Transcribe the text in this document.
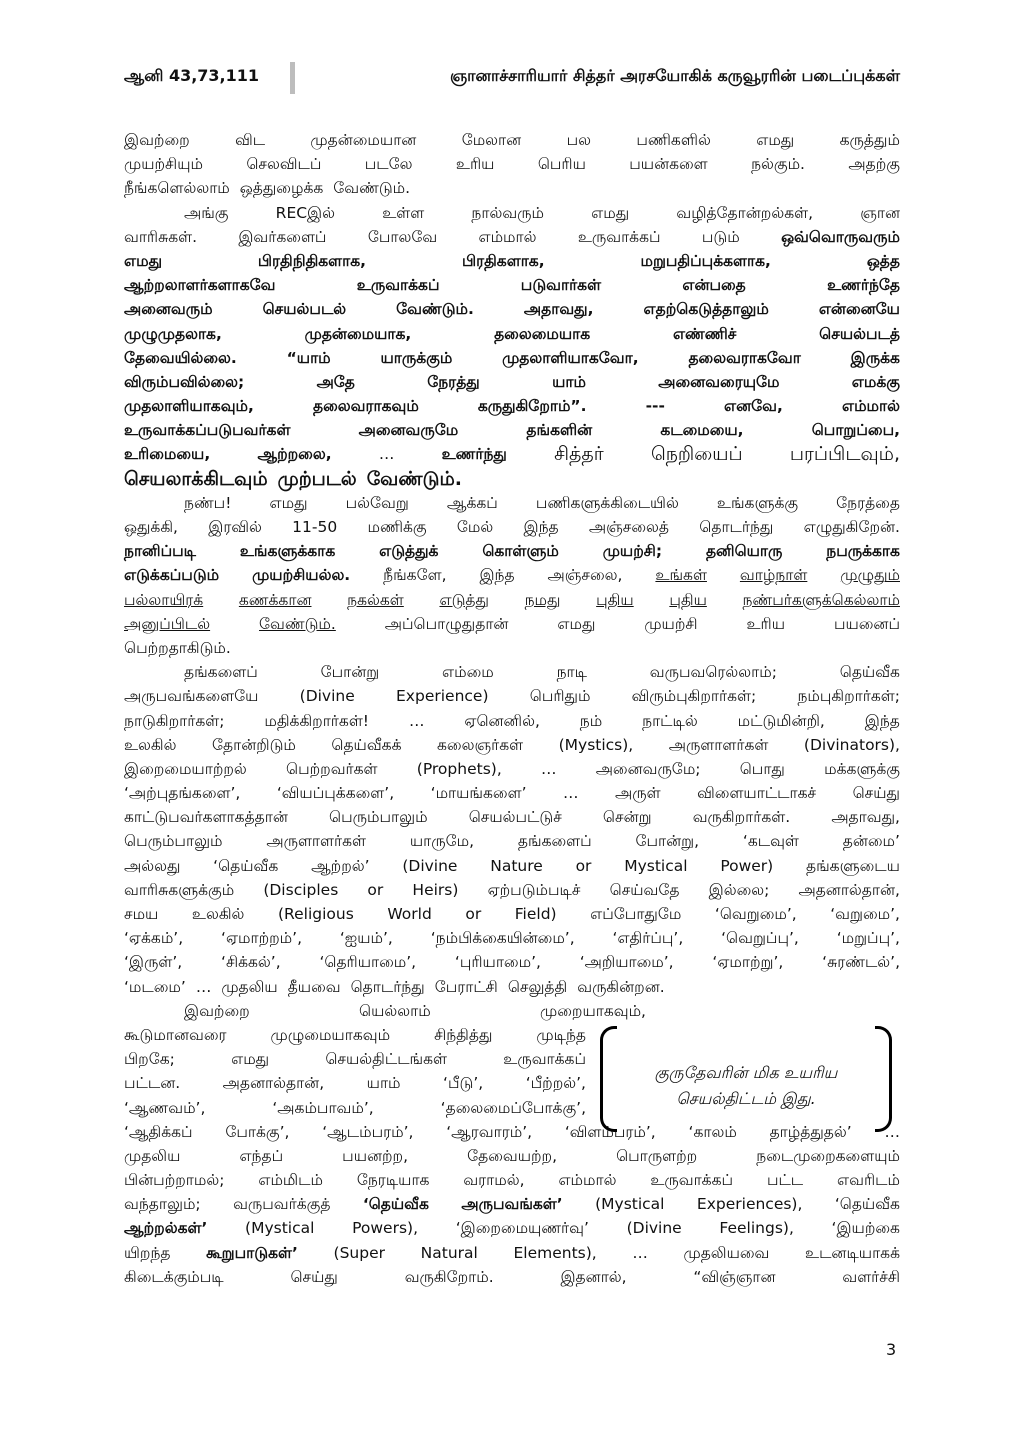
ஆனி 43,73,111	ஞானாச்சாரியார் சித்தர் அரசயோகிக் கருவூரரின் படைப்புக்கள்
இவற்றை	விட	முதன்மையான	மேலான	பல	பணிகளில்	எமது	கருத்தும்
முயற்சியும்	செலவிடப்	படலே	உரிய	பெரிய	பயன்களை	நல்கும்.	அதற்கு
நீங்களெல்லாம் ஒத்துழைக்க வேண்டும்.
அங்கு	RECஇல்	உள்ள	நால்வரும்	எமது	வழித்தோன்றல்கள்,	ஞான
வாரிசுகள்.	இவர்களைப்	போலவே	எம்மால்	உருவாக்கப்	படும்	ஒவ்வொருவரும்
எமது	பிரதிநிதிகளாக,	பிரதிகளாக,	மறுபதிப்புக்களாக,	ஒத்த
ஆற்றலாளர்களாகவே	உருவாக்கப்	படுவார்கள்	என்பதை	உணர்ந்தே
அனைவரும்	செயல்படல்	வேண்டும்.	அதாவது,	எதற்கெடுத்தாலும்	என்னையே
முழுமுதலாக,	முதன்மையாக,	தலைமையாக	எண்ணிச்	செயல்படத்
தேவையில்லை.	“யாம்	யாருக்கும்	முதலாளியாகவோ,	தலைவராகவோ	இருக்க
விரும்பவில்லை;	அதே	நேரத்து	யாம்	அனைவரையுமே	எமக்கு
முதலாளியாகவும்,	தலைவராகவும்	கருதுகிறோம்”.	---	எனவே,	எம்மால்
உருவாக்கப்படுபவர்கள்	அனைவருமே	தங்களின்	கடமையை,	பொறுப்பை,
உரிமையை,	ஆற்றலை,	…	உணர்ந்து சித்தர் நெறியைப் பரப்பிடவும்,
செயலாக்கிடவும் முற்படல் வேண்டும்.
நண்ப! எமது பல்வேறு ஆக்கப் பணிகளுக்கிடையில் உங்களுக்கு நேரத்தை
ஒதுக்கி, இரவில் 11-50 மணிக்கு மேல் இந்த அஞ்சலைத் தொடர்ந்து எழுதுகிறேன்.
நானிப்படி	உங்களுக்காக	எடுத்துக்	கொள்ளும்	முயற்சி;	தனியொரு	நபருக்காக
எடுக்கப்படும் முயற்சியல்ல. நீங்களே, இந்த அஞ்சலை, உங்கள் வாழ்நாள் முழுதும்
பல்லாயிரக் கணக்கான நகல்கள் எடுத்து நமது புதிய புதிய நண்பர்களுக்கெல்லாம்
அனுப்பிடல்	வேண்டும்.	அப்பொழுதுதான்	எமது	முயற்சி	உரிய	பயனைப்
பெற்றதாகிடும்.
தங்களைப்	போன்று	எம்மை	நாடி	வருபவரெல்லாம்;	தெய்வீக
அருபவங்களையே	(Divine	Experience)	பெரிதும்	விரும்புகிறார்கள்;	நம்புகிறார்கள்;
நாடுகிறார்கள்;	மதிக்கிறார்கள்!	…	ஏனெனில்,	நம்	நாட்டில்	மட்டுமின்றி,	இந்த
உலகில் தோன்றிடும் தெய்வீகக் கலைஞர்கள் (Mystics), அருளாளர்கள் (Divinators),
இறைமையாற்றல்	பெற்றவர்கள்	(Prophets),	…	அனைவருமே;	பொது	மக்களுக்கு
‘அற்புதங்களை’, ‘வியப்புக்களை’, ‘மாயங்களை’ … அருள் விளையாட்டாகச் செய்து
காட்டுபவர்களாகத்தான்	பெரும்பாலும்	செயல்பட்டுச்	சென்று	வருகிறார்கள்.	அதாவது,
பெரும்பாலும்	அருளாளர்கள்	யாருமே,	தங்களைப்	போன்று,	‘கடவுள்	தன்மை’
அல்லது ‘தெய்வீக ஆற்றல்’ (Divine Nature or Mystical Power) தங்களுடைய
வாரிசுகளுக்கும் (Disciples or Heirs) ஏற்படும்படிச் செய்வதே இல்லை; அதனால்தான்,
சமய உலகில் (Religious World or Field) எப்போதுமே ‘வெறுமை’, ‘வறுமை’,
‘ஏக்கம்’, ‘ஏமாற்றம்’, ‘ஐயம்’, ‘நம்பிக்கையின்மை’, ‘எதிர்ப்பு’, ‘வெறுப்பு’, ‘மறுப்பு’,
‘இருள்’,	‘சிக்கல்’,	‘தெரியாமை’,	‘புரியாமை’,	‘அறியாமை’,	‘ஏமாற்று’,	‘சுரண்டல்’,
‘மடமை’ … முதலிய தீயவை தொடர்ந்து பேராட்சி செலுத்தி வருகின்றன.
இவற்றை	யெல்லாம்	முறையாகவும்,
கூடுமானவரை	முழுமையாகவும்	சிந்தித்து	முடிந்த
பிறகே;	எமது	செயல்திட்டங்கள்	உருவாக்கப்
பட்டன.	அதனால்தான்,	யாம்	‘பீடு’,	‘பீற்றல்’,
‘ஆணவம்’,	‘அகம்பாவம்’,	‘தலைமைப்போக்கு’,
‘ஆதிக்கப் போக்கு’, ‘ஆடம்பரம்’, ‘ஆரவாரம்’, ‘விளம்பரம்’, ‘காலம் தாழ்த்துதல்’ …
முதலிய	எந்தப்	பயனற்ற,	தேவையற்ற,	பொருளற்ற	நடைமுறைகளையும்
பின்பற்றாமல்; எம்மிடம் நேரடியாக வராமல், எம்மால் உருவாக்கப் பட்ட எவரிடம்
வந்தாலும்; வருபவர்க்குத் ‘தெய்வீக அருபவங்கள்’ (Mystical Experiences), ‘தெய்வீக
ஆற்றல்கள்’ (Mystical Powers), ‘இறைமையுணர்வு’ (Divine Feelings), ‘இயற்கை
யிறந்த கூறுபாடுகள்’ (Super Natural Elements), … முதலியவை உடனடியாகக்
கிடைக்கும்படி	செய்து	வருகிறோம்.	இதனால்,	“விஞ்ஞான	வளர்ச்சி
குருதேவரின் மிக உயரிய
செயல்திட்டம் இது.
3
